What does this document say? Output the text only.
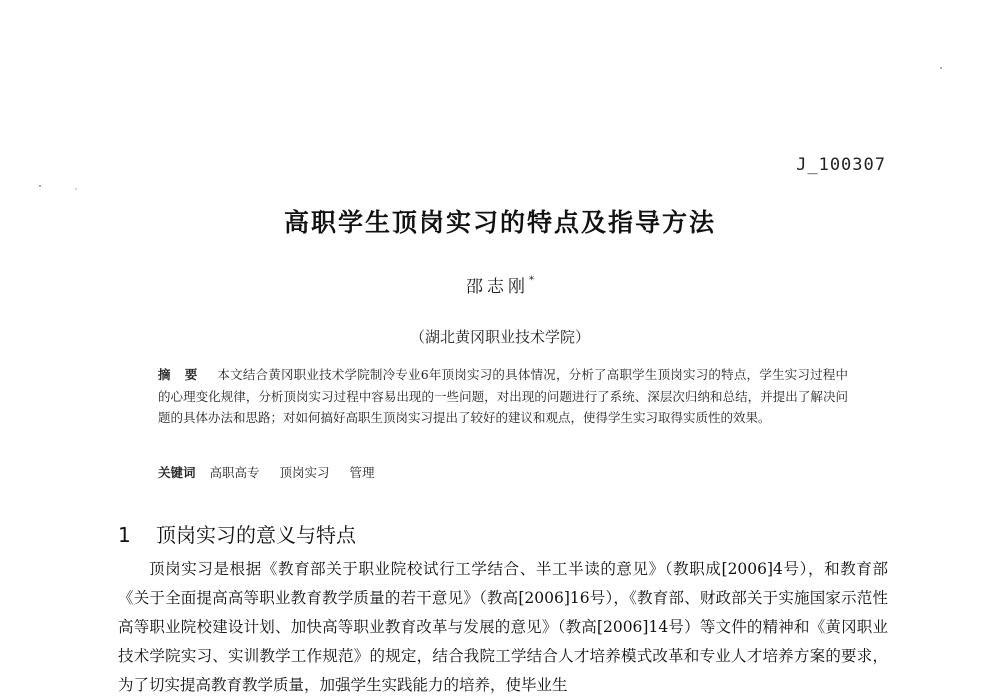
J_100307
高职学生顶岗实习的特点及指导方法
邵志刚*
（湖北黄冈职业技术学院）
摘要 本文结合黄冈职业技术学院制冷专业6年顶岗实习的具体情况，分析了高职学生顶岗实习的特点，学生实习过程中的心理变化规律，分析顶岗实习过程中容易出现的一些问题，对出现的问题进行了系统、深层次归纳和总结，并提出了解决问题的具体办法和思路；对如何搞好高职生顶岗实习提出了较好的建议和观点，使得学生实习取得实质性的效果。
关键词 高职高专 顶岗实习 管理
1 顶岗实习的意义与特点
顶岗实习是根据《教育部关于职业院校试行工学结合、半工半读的意见》（教职成[2006]4号），和教育部《关于全面提高高等职业教育教学质量的若干意见》（教高[2006]16号），《教育部、财政部关于实施国家示范性高等职业院校建设计划、加快高等职业教育改革与发展的意见》（教高[2006]14号）等文件的精神和《黄冈职业技术学院实习、实训教学工作规范》的规定，结合我院工学结合人才培养模式改革和专业人才培养方案的要求，为了切实提高教育教学质量，加强学生实践能力的培养，使毕业生
